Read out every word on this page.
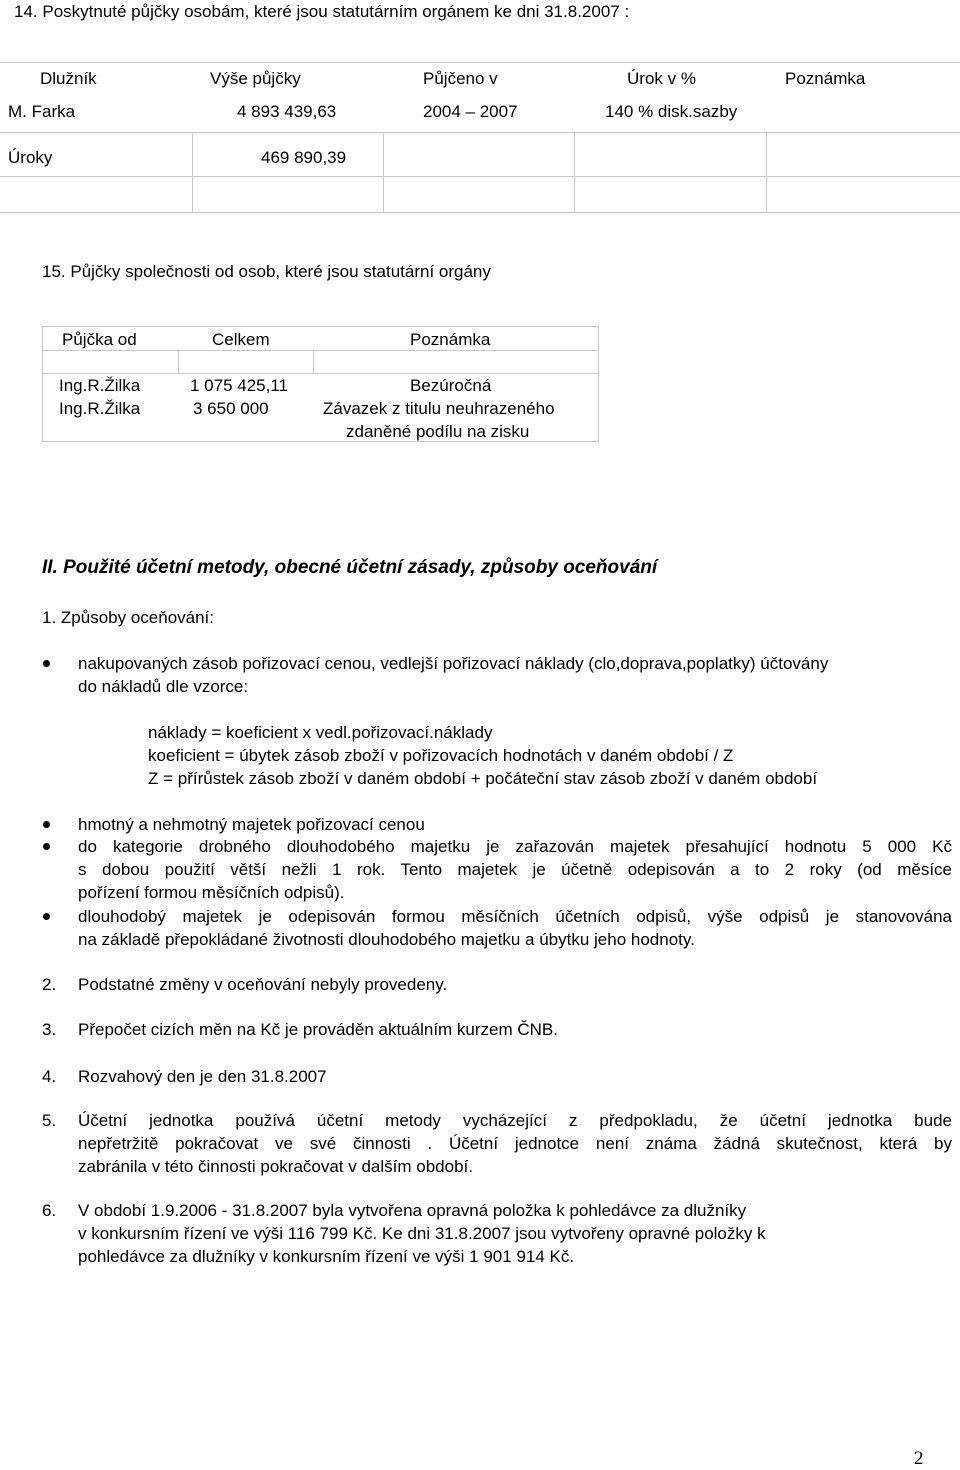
14. Poskytnuté půjčky osobám, které jsou statutárním orgánem ke dni 31.8.2007 :
Dlužník	Výše půjčky	Půjčeno v	Úrok v %	Poznámka
M. Farka	4 893 439,63	2004 – 2007	140 % disk.sazby
Úroky	469 890,39
15. Půjčky společnosti od osob, které jsou statutární orgány
Půjčka od	Celkem	Poznámka
Ing.R.Žilka	1 075 425,11	Bezúročná
Ing.R.Žilka	3 650 000	Závazek z titulu neuhrazeného
zdaněné podílu na zisku
II. Použité účetní metody, obecné účetní zásady, způsoby oceňování
1. Způsoby oceňování:
nakupovaných zásob pořizovací cenou, vedlejší pořizovací náklady (clo,doprava,poplatky) účtovány
do nákladů dle vzorce:
náklady = koeficient x vedl.pořizovací.náklady
koeficient = úbytek zásob zboží v pořizovacích hodnotách v daném období / Z
Z = přírůstek zásob zboží v daném období + počáteční stav zásob zboží v daném období
hmotný a nehmotný majetek pořizovací cenou
do kategorie drobného dlouhodobého majetku je zařazován majetek přesahující hodnotu 5 000 Kč
s dobou použití větší nežli 1 rok. Tento majetek je účetně odepisován a to 2 roky (od měsíce
pořízení formou měsíčních odpisů).
dlouhodobý majetek je odepisován formou měsíčních účetních odpisů, výše odpisů je stanovována
na základě přepokládané životnosti dlouhodobého majetku a úbytku jeho hodnoty.
2. Podstatné změny v oceňování nebyly provedeny.
3. Přepočet cizích měn na Kč je prováděn aktuálním kurzem ČNB.
4. Rozvahový den je den 31.8.2007
5. Účetní jednotka používá účetní metody vycházející z předpokladu, že účetní jednotka bude
nepřetržitě pokračovat ve své činnosti . Účetní jednotce není známa žádná skutečnost, která by
zabránila v této činnosti pokračovat v dalším období.
6. V období 1.9.2006 - 31.8.2007 byla vytvořena opravná položka k pohledávce za dlužníky
v konkursním řízení ve výši 116 799 Kč. Ke dni 31.8.2007 jsou vytvořeny opravné položky k
pohledávce za dlužníky v konkursním řízení ve výši 1 901 914 Kč.
2
